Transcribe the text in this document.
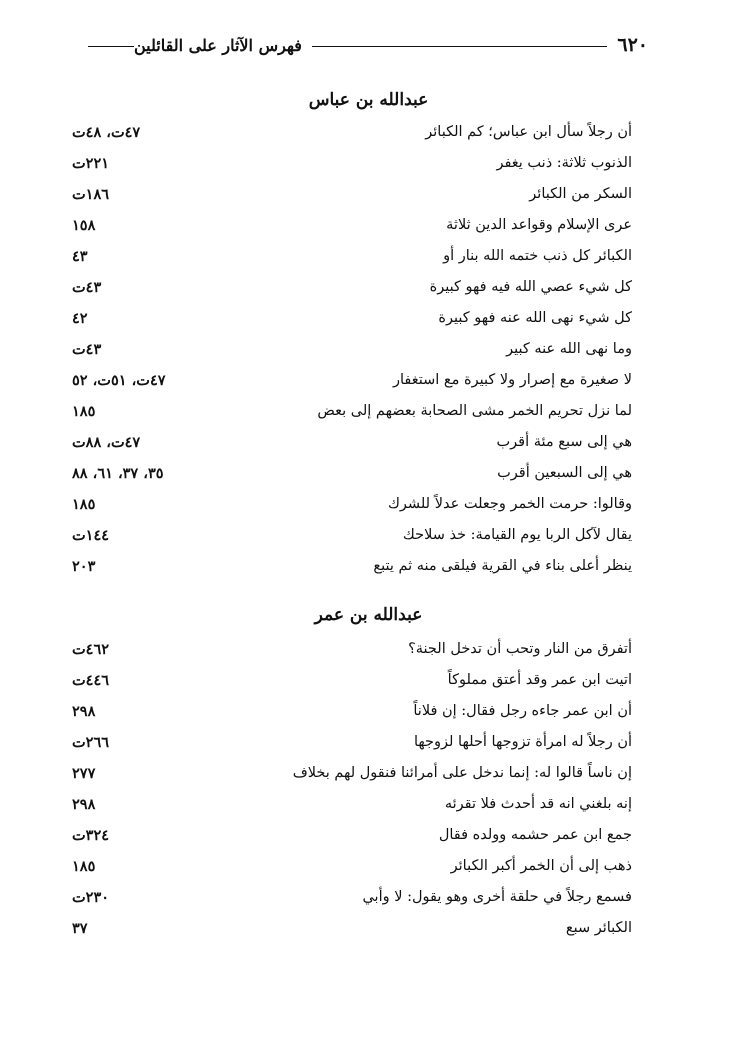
٦٢٠
فهرس الآثار على القائلين
عبدالله بن عباس
أن رجلاً سأل ابن عباس؛ كم الكبائر
٤٧ت، ٤٨ت
الذنوب ثلاثة: ذنب يغفر
٢٢١ت
السكر من الكبائر
١٨٦ت
عرى الإسلام وقواعد الدين ثلاثة
١٥٨
الكبائر كل ذنب ختمه الله بنار أو
٤٣
كل شيء عصي الله فيه فهو كبيرة
٤٣ت
كل شيء نهى الله عنه فهو كبيرة
٤٢
وما نهى الله عنه كبير
٤٣ت
لا صغيرة مع إصرار ولا كبيرة مع استغفار
٤٧ت، ٥١ت، ٥٢
لما نزل تحريم الخمر مشى الصحابة بعضهم إلى بعض
١٨٥
هي إلى سبع مئة أقرب
٤٧ت، ٨٨ت
هي إلى السبعين أقرب
٣٥، ٣٧، ٦١، ٨٨
وقالوا: حرمت الخمر وجعلت عدلاً للشرك
١٨٥
يقال لآكل الربا يوم القيامة: خذ سلاحك
١٤٤ت
ينظر أعلى بناء في القرية فيلقى منه ثم يتبع
٢٠٣
عبدالله بن عمر
أتفرق من النار وتحب أن تدخل الجنة؟
٤٦٢ت
اتيت ابن عمر وقد أعتق مملوكاً
٤٤٦ت
أن ابن عمر جاءه رجل فقال: إن فلاناً
٢٩٨
أن رجلاً له امرأة تزوجها أحلها لزوجها
٢٦٦ت
إن ناساً قالوا له: إنما ندخل على أمرائنا فنقول لهم بخلاف
٢٧٧
إنه بلغني انه قد أحدث فلا تقرئه
٢٩٨
جمع ابن عمر حشمه وولده فقال
٣٢٤ت
ذهب إلى أن الخمر أكبر الكبائر
١٨٥
فسمع رجلاً في حلقة أخرى وهو يقول: لا وأبي
٢٣٠ت
الكبائر سبع
٣٧
